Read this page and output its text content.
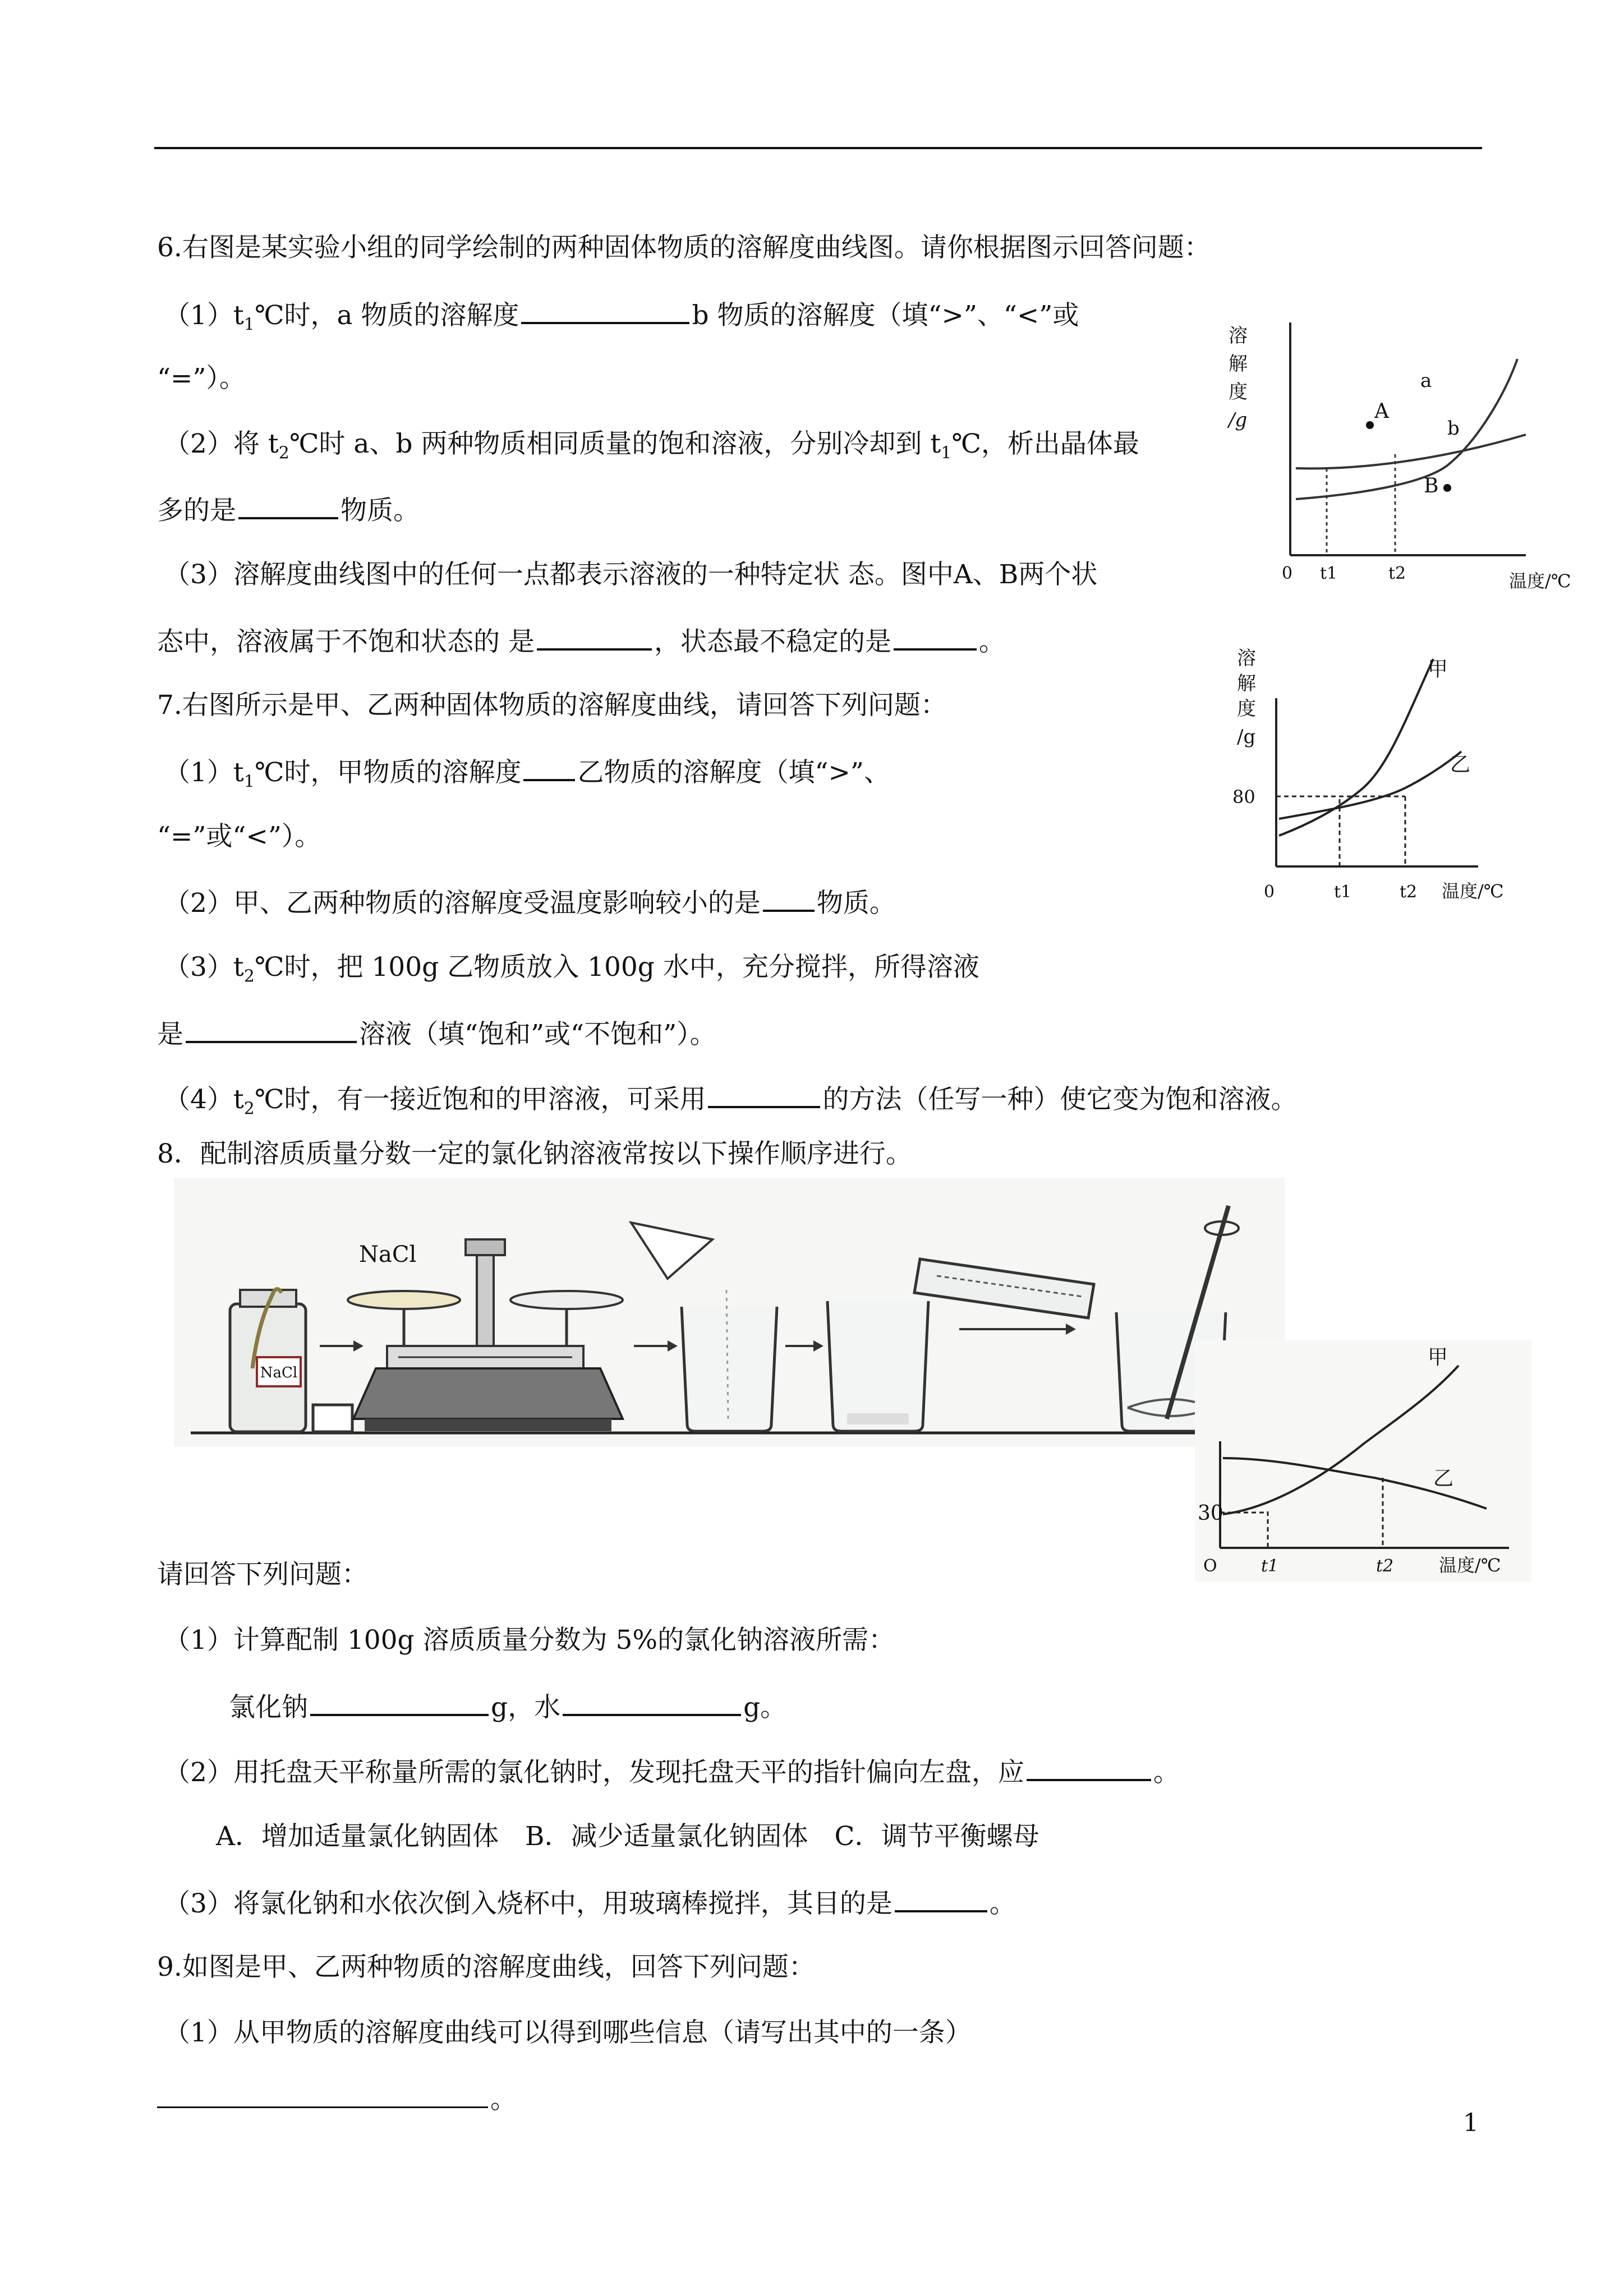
6.右图是某实验小组的同学绘制的两种固体物质的溶解度曲线图。请你根据图示回答问题：
$(1)t_1℃$时，a 物质的溶解度	b 物质的溶解度（填“>”、“<”或
“=”）。
（2）将 $t_2℃$时 a、b 两种物质相同质量的饱和溶液，分别冷却到 $t_1℃$，析出晶体最
多的是	物质。
（3）溶解度曲线图中的任何一点都表示溶液的一种特定状 态。图中A、B两个状
态中，溶液属于不饱和状态的 是	，状态最不稳定的是	。
7.右图所示是甲、乙两种固体物质的溶解度曲线，请回答下列问题：
$(1)t_1℃$时，甲物质的溶解度 乙物质的溶解度（填“>”、
“=”或“<”）。
（2）甲、乙两种物质的溶解度受温度影响较小的是 物质。
$(3)t_2℃$时，把 100g 乙物质放入 100g 水中，充分搅拌，所得溶液
是	溶液（填“饱和”或“不饱和”）。
$(4)t_2℃$时，有一接近饱和的甲溶液，可采用	的方法（任写一种）使它变为饱和溶液。
8．配制溶质质量分数一定的氯化钠溶液常按以下操作顺序进行。
NaCl
NaCl
请回答下列问题：
（1）计算配制 100g 溶质质量分数为 5%的氯化钠溶液所需：
氯化钠	g，水	g。
（2）用托盘天平称量所需的氯化钠时，发现托盘天平的指针偏向左盘，应	。
A．增加适量氯化钠固体　B．减少适量氯化钠固体　C．调节平衡螺母
（3）将氯化钠和水依次倒入烧杯中，用玻璃棒搅拌，其目的是	。
9.如图是甲、乙两种物质的溶解度曲线，回答下列问题：
（1）从甲物质的溶解度曲线可以得到哪些信息（请写出其中的一条）
。
1
溶
解
度
/g	A
B
a
b
0 t1	t2	温度/℃
溶
解
度
/g
80
甲
乙
0	t1	t2 温度/℃
30
甲
乙
O	t1	t2	温度/℃
